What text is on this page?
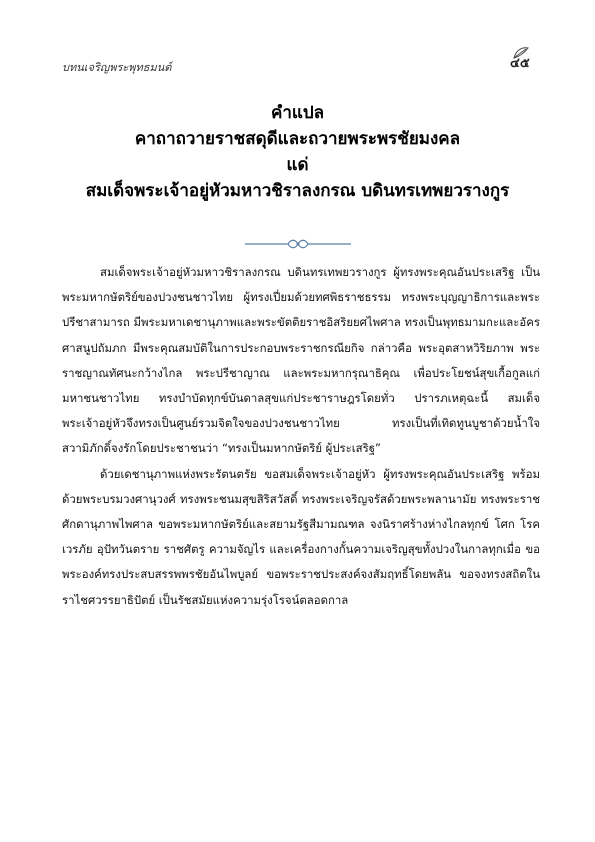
บทนเจริญพระพุทธมนต์	๔๕
คำแปล
คาถาถวายราชสดุดีและถวายพระพรชัยมงคล
แด่
สมเด็จพระเจ้าอยู่หัวมหาวชิราลงกรณ บดินทรเทพยวรางกูร

สมเด็จพระเจ้าอยู่หัวมหาวชิราลงกรณ บดินทรเทพยวรางกูร ผู้ทรงพระคุณอันประเสริฐ เป็นพระมหากษัตริย์ของปวงชนชาวไทย ผู้ทรงเปี่ยมด้วยทศพิธราชธรรม ทรงพระบุญญาธิการและพระปรีชาสามารถ มีพระมหาเดชานุภาพและพระขัตติยราชอิสริยยศไพศาล ทรงเป็นพุทธมามกะและอัครศาสนูปถัมภก มีพระคุณสมบัติในการประกอบพระราชกรณียกิจ กล่าวคือ พระอุตสาหวิริยภาพ พระราชญาณทัศนะกว้างไกล พระปรีชาญาณ และพระมหากรุณาธิคุณ เพื่อประโยชน์สุขเกื้อกูลแก่มหาชนชาวไทย ทรงบำบัดทุกข์บันดาลสุขแก่ประชาราษฎรโดยทั่ว ปรารภเหตุฉะนี้ สมเด็จพระเจ้าอยู่หัวจึงทรงเป็นศูนย์รวมจิตใจของปวงชนชาวไทย ทรงเป็นที่เทิดทูนบูชาด้วยน้ำใจสวามิภักดิ์จงรักโดยประชาชนว่า “ทรงเป็นมหากษัตริย์ ผู้ประเสริฐ”

ด้วยเดชานุภาพแห่งพระรัตนตรัย ขอสมเด็จพระเจ้าอยู่หัว ผู้ทรงพระคุณอันประเสริฐ พร้อมด้วยพระบรมวงศานุวงศ์ ทรงพระชนมสุขสิริสวัสดิ์ ทรงพระเจริญจรัสด้วยพระพลานามัย ทรงพระราชศักดานุภาพไพศาล ขอพระมหากษัตริย์และสยามรัฐสีมามณฑล จงนิราศร้างห่างไกลทุกข์ โศก โรค เวรภัย อุปัทวันตราย ราชศัตรู ความจัญไร และเครื่องกางกั้นความเจริญสุขทั้งปวงในกาลทุกเมื่อ ขอพระองค์ทรงประสบสรรพพรชัยอันไพบูลย์ ขอพระราชประสงค์จงสัมฤทธิ์โดยพลัน ขอจงทรงสถิตในราไชศวรรยาธิปัตย์ เป็นรัชสมัยแห่งความรุ่งโรจน์ตลอดกาล
